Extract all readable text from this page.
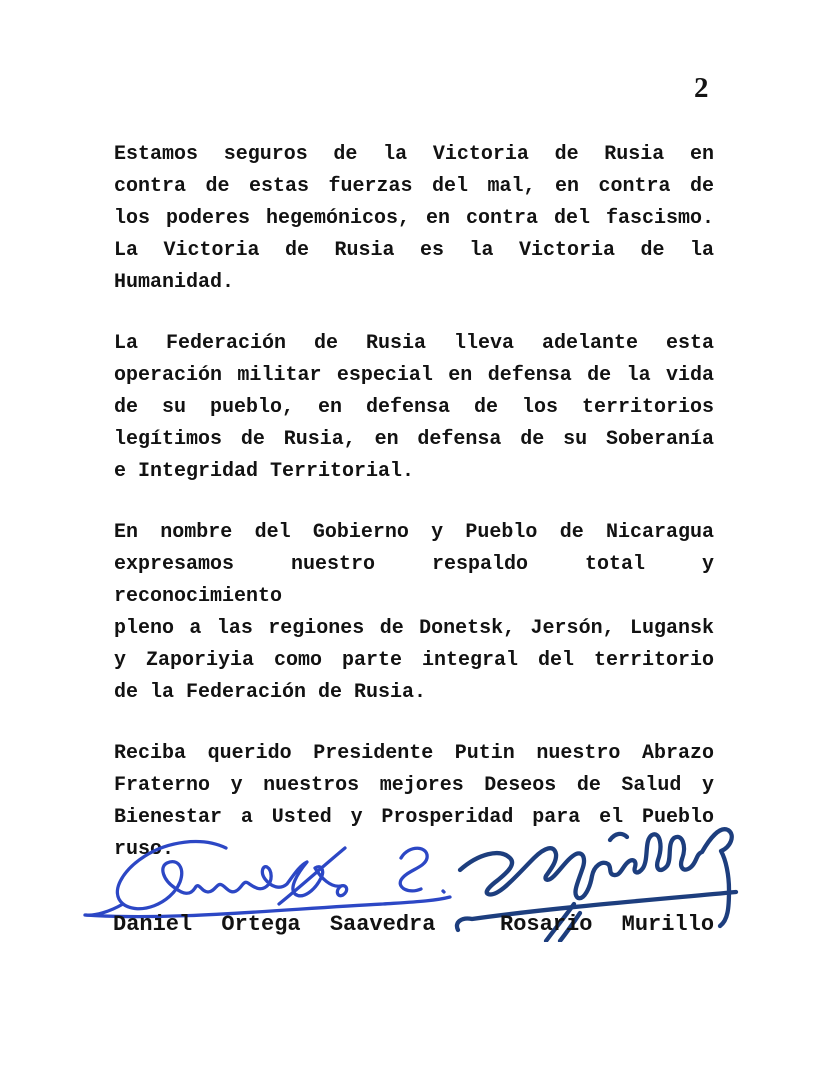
2
Estamos seguros de la Victoria de Rusia en
contra de estas fuerzas del mal, en contra de
los poderes hegemónicos, en contra del fascismo.
La Victoria de Rusia es la Victoria de la
Humanidad.
La Federación de Rusia lleva adelante esta
operación militar especial en defensa de la vida
de su pueblo, en defensa de los territorios
legítimos de Rusia, en defensa de su Soberanía
e Integridad Territorial.
En nombre del Gobierno y Pueblo de Nicaragua
expresamos nuestro respaldo total y reconocimiento
pleno a las regiones de Donetsk, Jersón, Lugansk
y Zaporiyia como parte integral del territorio
de la Federación de Rusia.
Reciba querido Presidente Putin nuestro Abrazo
Fraterno y nuestros mejores Deseos de Salud y
Bienestar a Usted y Prosperidad para el Pueblo
ruso.
Daniel Ortega Saavedra	Rosario Murillo
